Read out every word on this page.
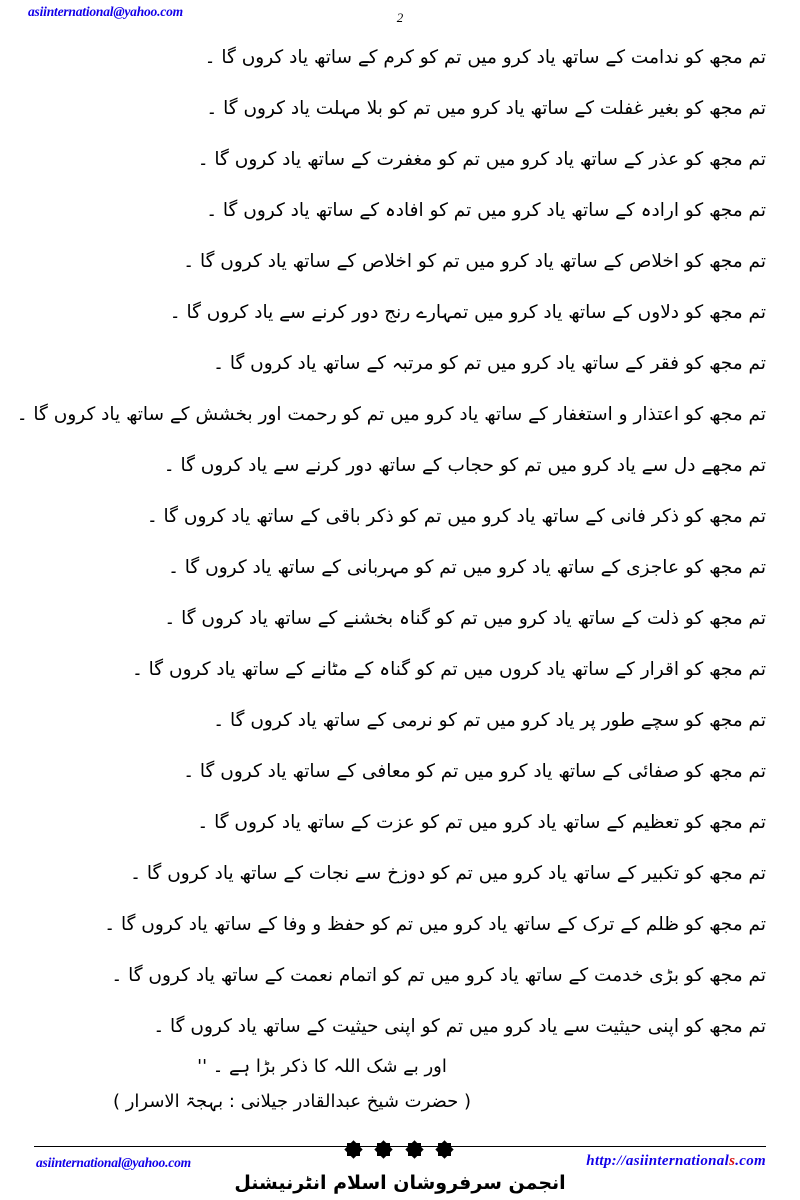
asiinternational@yahoo.com	2

تم مجھ کو ندامت کے ساتھ یاد کرو میں تم کو کرم کے ساتھ یاد کروں گا ۔

تم مجھ کو بغیر غفلت کے ساتھ یاد کرو میں تم کو بلا مہلت یاد کروں گا ۔

تم مجھ کو عذر کے ساتھ یاد کرو میں تم کو مغفرت کے ساتھ یاد کروں گا ۔

تم مجھ کو ارادہ کے ساتھ یاد کرو میں تم کو افادہ کے ساتھ یاد کروں گا ۔

تم مجھ کو اخلاص کے ساتھ یاد کرو میں تم کو اخلاص کے ساتھ یاد کروں گا ۔

تم مجھ کو دلاوں کے ساتھ یاد کرو میں تمہارے رنج دور کرنے سے یاد کروں گا ۔

تم مجھ کو فقر کے ساتھ یاد کرو میں تم کو مرتبہ کے ساتھ یاد کروں گا ۔

تم مجھ کو اعتذار و استغفار کے ساتھ یاد کرو میں تم کو رحمت اور بخشش کے ساتھ یاد کروں گا ۔

تم مجھے دل سے یاد کرو میں تم کو حجاب کے ساتھ دور کرنے سے یاد کروں گا ۔

تم مجھ کو ذکر فانی کے ساتھ یاد کرو میں تم کو ذکر باقی کے ساتھ یاد کروں گا ۔

تم مجھ کو عاجزی کے ساتھ یاد کرو میں تم کو مہربانی کے ساتھ یاد کروں گا ۔

تم مجھ کو ذلت کے ساتھ یاد کرو میں تم کو گناہ بخشنے کے ساتھ یاد کروں گا ۔

تم مجھ کو اقرار کے ساتھ یاد کروں میں تم کو گناہ کے مٹانے کے ساتھ یاد کروں گا ۔

تم مجھ کو سچے طور پر یاد کرو میں تم کو نرمی کے ساتھ یاد کروں گا ۔

تم مجھ کو صفائی کے ساتھ یاد کرو میں تم کو معافی کے ساتھ یاد کروں گا ۔

تم مجھ کو تعظیم کے ساتھ یاد کرو میں تم کو عزت کے ساتھ یاد کروں گا ۔

تم مجھ کو تکبیر کے ساتھ یاد کرو میں تم کو دوزخ سے نجات کے ساتھ یاد کروں گا ۔

تم مجھ کو ظلم کے ترک کے ساتھ یاد کرو میں تم کو حفظ و وفا کے ساتھ یاد کروں گا ۔

تم مجھ کو بڑی خدمت کے ساتھ یاد کرو میں تم کو اتمام نعمت کے ساتھ یاد کروں گا ۔

تم مجھ کو اپنی حیثیت سے یاد کرو میں تم کو اپنی حیثیت کے ساتھ یاد کروں گا ۔

اور بے شک اللہ کا ذکر بڑا ہے ۔ ''

( حضرت شیخ عبدالقادر جیلانی : بہجۃ الاسرار )

انجمن سرفروشان اسلام انٹرنیشنل

asiinternational@yahoo.com	http://asiinternationals.com
